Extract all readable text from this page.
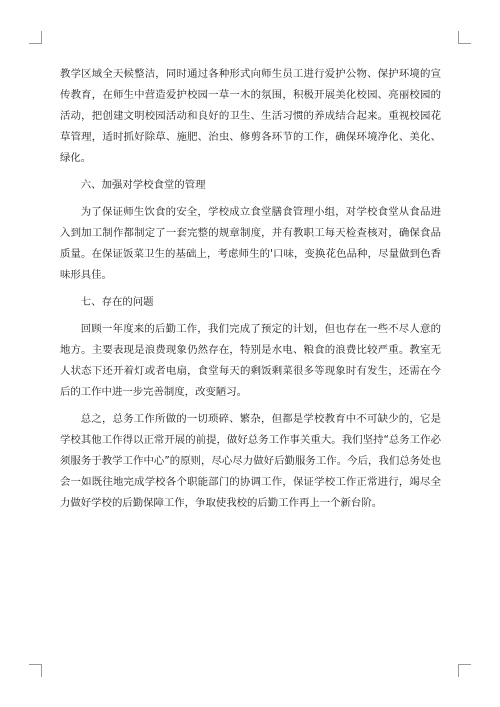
教学区域全天候整洁，同时通过各种形式向师生员工进行爱护公物、保护环境的宣传教育，在师生中营造爱护校园一草一木的氛围，积极开展美化校园、亮丽校园的活动，把创建文明校园活动和良好的卫生、生活习惯的养成结合起来。重视校园花草管理，适时抓好除草、施肥、治虫、修剪各环节的工作，确保环境净化、美化、绿化。

六、加强对学校食堂的管理

为了保证师生饮食的安全，学校成立食堂膳食管理小组，对学校食堂从食品进入到加工制作都制定了一套完整的规章制度，并有教职工每天检查核对，确保食品质量。在保证饭菜卫生的基础上，考虑师生的'口味，变换花色品种，尽量做到色香味形具佳。

七、存在的问题

回顾一年度来的后勤工作，我们完成了预定的计划，但也存在一些不尽人意的地方。主要表现是浪费现象仍然存在，特别是水电、粮食的浪费比较严重。教室无人状态下还开着灯或者电扇，食堂每天的剩饭剩菜很多等现象时有发生，还需在今后的工作中进一步完善制度，改变陋习。

总之，总务工作所做的一切琐碎、繁杂，但都是学校教育中不可缺少的，它是学校其他工作得以正常开展的前提，做好总务工作事关重大。我们坚持“总务工作必须服务于教学工作中心”的原则，尽心尽力做好后勤服务工作。今后，我们总务处也会一如既往地完成学校各个职能部门的协调工作，保证学校工作正常进行，竭尽全力做好学校的后勤保障工作，争取使我校的后勤工作再上一个新台阶。
